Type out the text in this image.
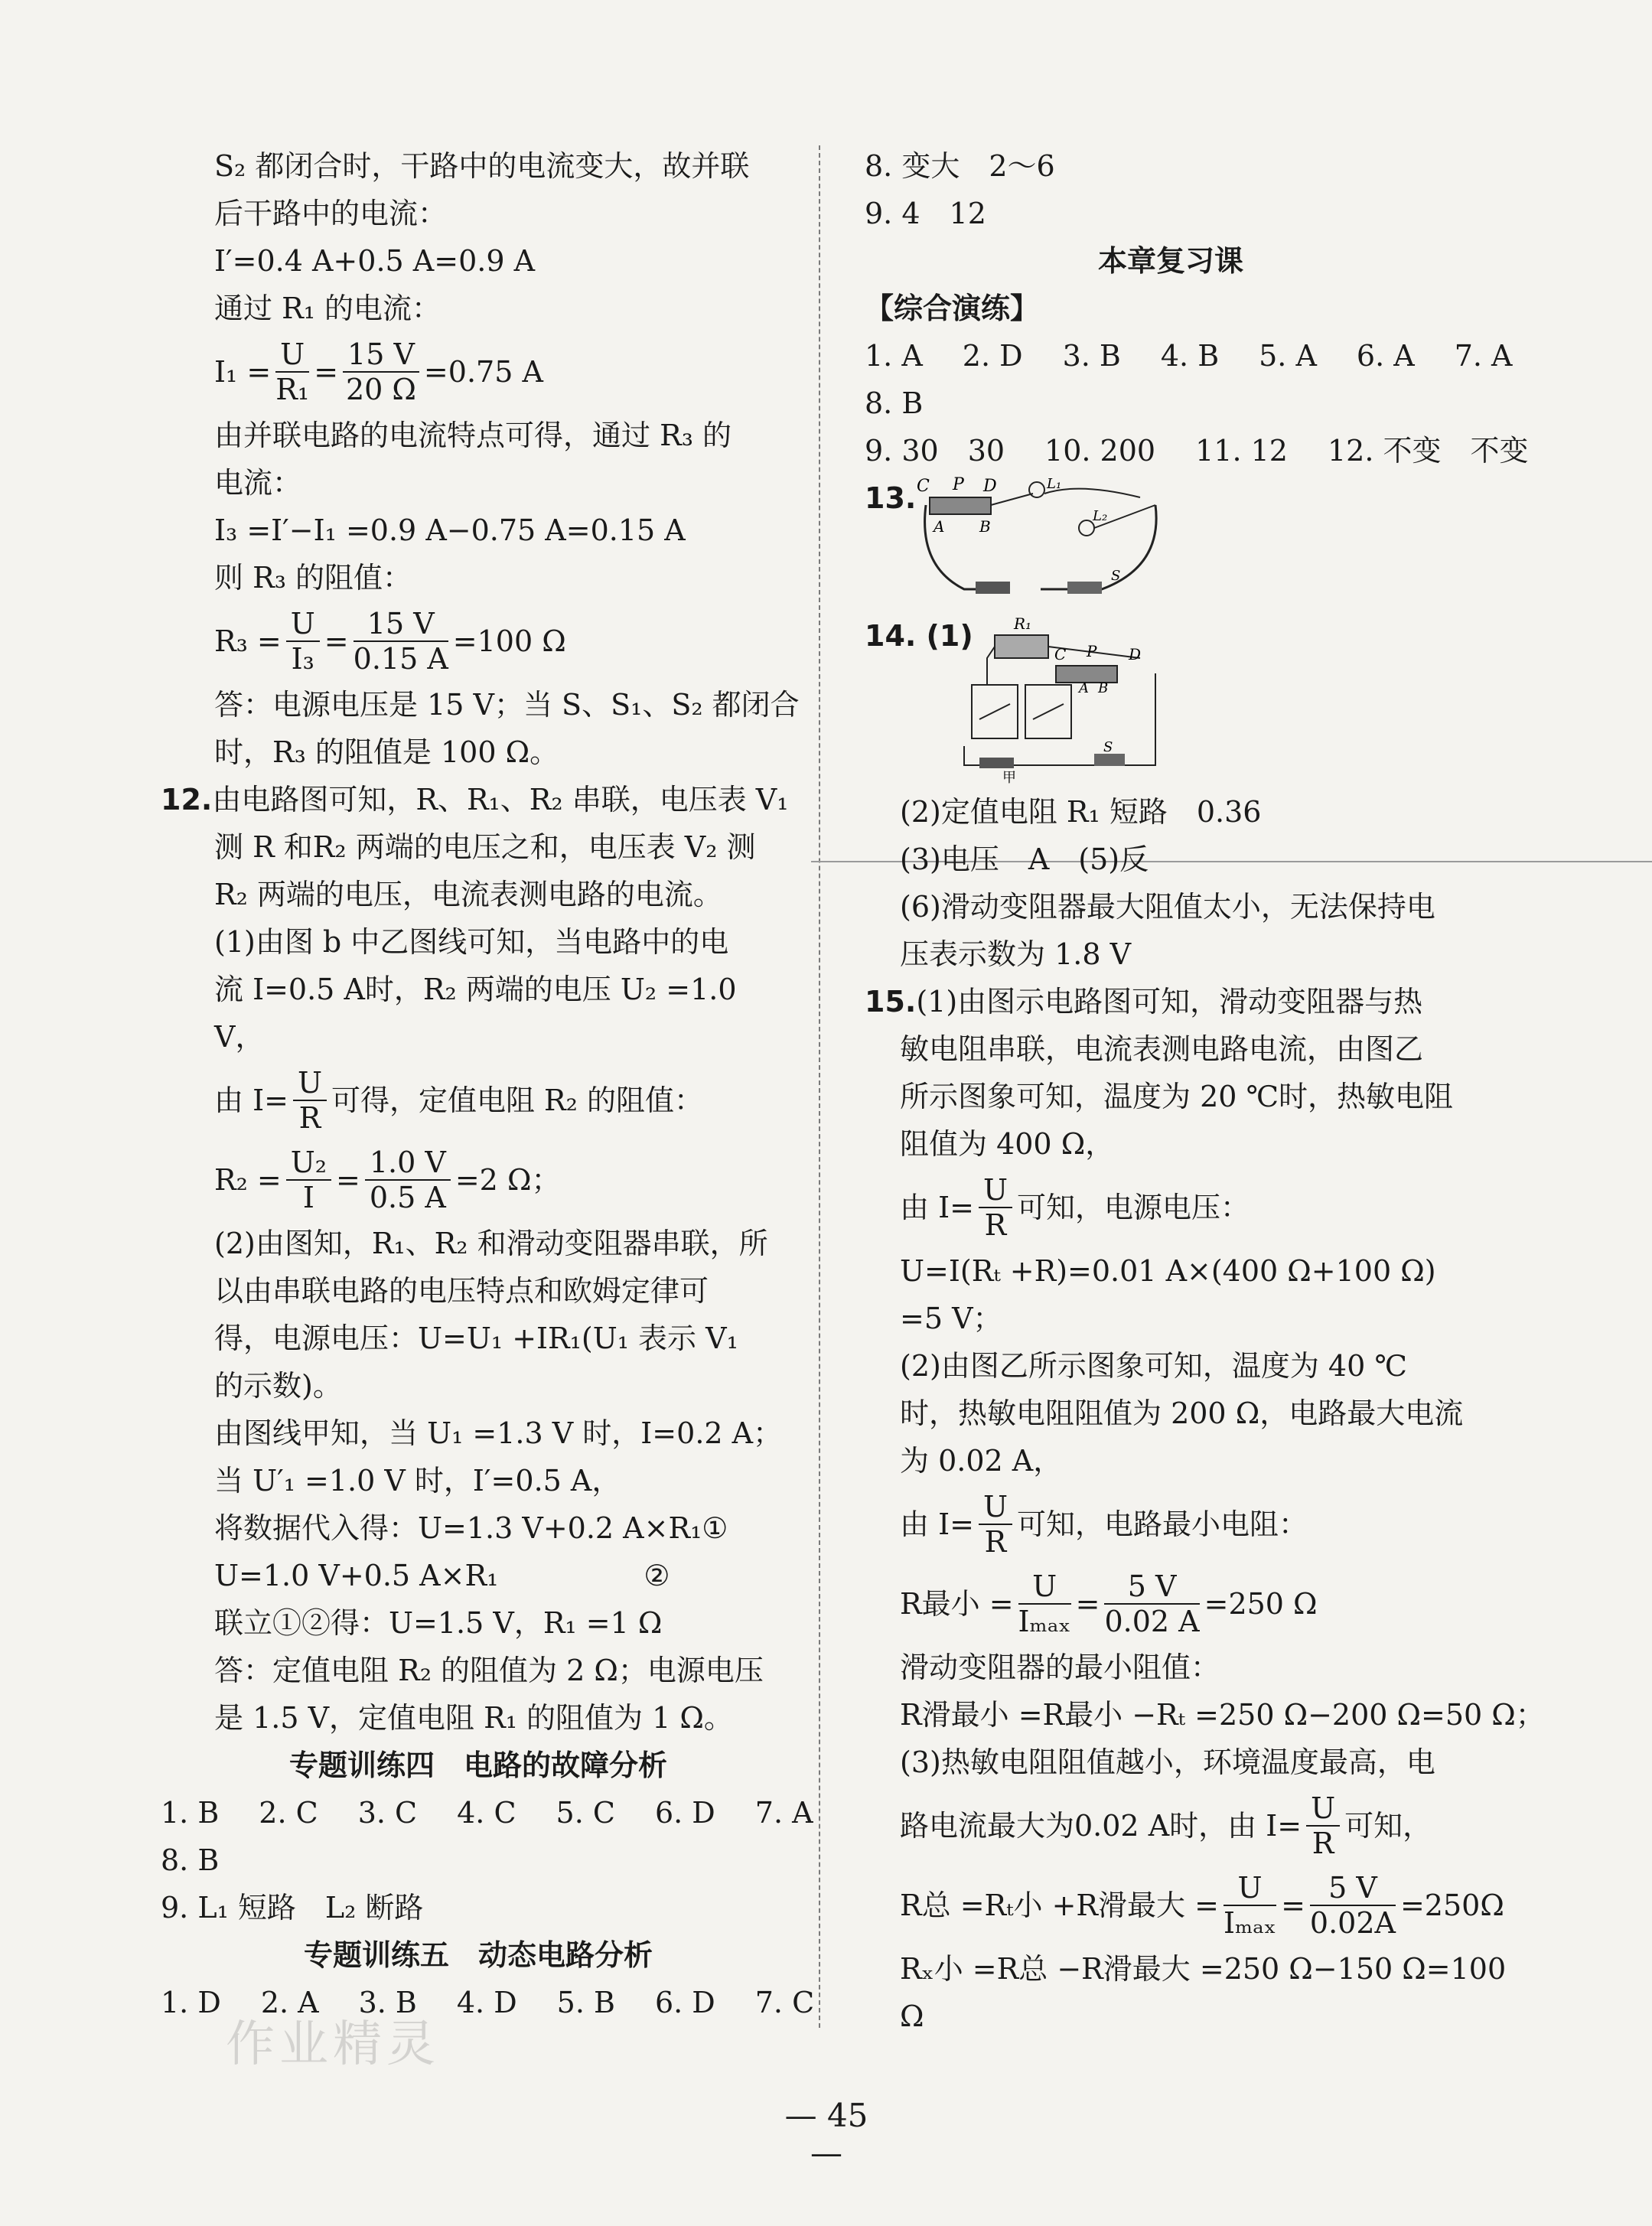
S₂ 都闭合时，干路中的电流变大，故并联
后干路中的电流：
I′=0.4 A+0.5 A=0.9 A
通过 R₁ 的电流：
$I_1 = \frac{U}{\text{R₁}} = \frac{15 V}{20 \Omega} =0.75$ A
由并联电路的电流特点可得，通过 R₃ 的
电流：
I₃ =I′−I₁ =0.9 A−0.75 A=0.15 A
则 R₃ 的阻值：
$R_3 = \frac{U}{\text{I₃}} = \frac{15 V}{0.15 A} =100$ Ω
答：电源电压是 15 V；当 S、S₁、S₂ 都闭合
时，R₃ 的阻值是 100 Ω。
12.由电路图可知，R、R₁、R₂ 串联，电压表 V₁
测 R 和R₂ 两端的电压之和，电压表 V₂ 测
R₂ 两端的电压，电流表测电路的电流。
(1)由图 b 中乙图线可知，当电路中的电
流 I=0.5 A时，R₂ 两端的电压 U₂ =1.0
V，
由 $I= \frac{U}{R}$ 可得，定值电阻 R₂ 的阻值：
$R_2 = \frac{\text{U₂}}{I} = \frac{1.0 V}{0.5 A} =2$ Ω；
(2)由图知，R₁、R₂ 和滑动变阻器串联，所
以由串联电路的电压特点和欧姆定律可
得，电源电压：U=U₁ +IR₁(U₁ 表示 V₁
的示数)。
由图线甲知，当 U₁ =1.3 V 时，I=0.2 A；
当 U′₁ =1.0 V 时，I′=0.5 A，
将数据代入得：U=1.3 V+0.2 A×R₁①
U=1.0 V+0.5 A×R₁	②
联立①②得：U=1.5 V，R₁ =1 Ω
答：定值电阻 R₂ 的阻值为 2 Ω；电源电压
是 1.5 V，定值电阻 R₁ 的阻值为 1 Ω。
专题训练四　电路的故障分析
1. B 2. C 3. C 4. C 5. C 6. D 7. A
8. B
9. L₁ 短路　L₂ 断路
专题训练五　动态电路分析
1. D 2. A 3. B 4. D 5. B 6. D 7. C
8. 变大　2～6
9. 4　12
本章复习课
【综合演练】
1. A 2. D 3. B 4. B 5. A 6. A 7. A
8. B
9. 30　30 10. 200 11. 12 12. 不变　不变
13. C P D	L₁
L₂
A B
S
14. (1)	R₁
C P D
A B
S
甲
(2)定值电阻 R₁ 短路　0.36
(3)电压　A　(5)反
(6)滑动变阻器最大阻值太小，无法保持电
压表示数为 1.8 V
15.(1)由图示电路图可知，滑动变阻器与热
敏电阻串联，电流表测电路电流，由图乙
所示图象可知，温度为 20 ℃时，热敏电阻
阻值为 400 Ω，
由 $I= \frac{U}{R}$ 可知，电源电压：
U=I(Rₜ +R)=0.01 A×(400 Ω+100 Ω)
=5 V；
(2)由图乙所示图象可知，温度为 40 ℃
时，热敏电阻阻值为 200 Ω，电路最大电流
为 0.02 A，
由 $I= \frac{U}{R}$ 可知，电路最小电阻：
R最小 = $\frac{U}{\text{Iₘₐₓ}} = \frac{5 V}{0.02 A} =250$ Ω
滑动变阻器的最小阻值：
R滑最小 =R最小 −Rₜ =250 Ω−200 Ω=50 Ω；
(3)热敏电阻阻值越小，环境温度最高，电
路电流最大为0.02 A时，由 $I= \frac{U}{R}$ 可知，
R总 =Rₜ小 +R滑最大 = $\frac{U}{\text{Iₘₐₓ}} = \frac{5 V}{0.02A} =250\Omega$
Rₓ小 =R总 −R滑最大 =250 Ω−150 Ω=100
Ω
作业精灵
— 45 —
